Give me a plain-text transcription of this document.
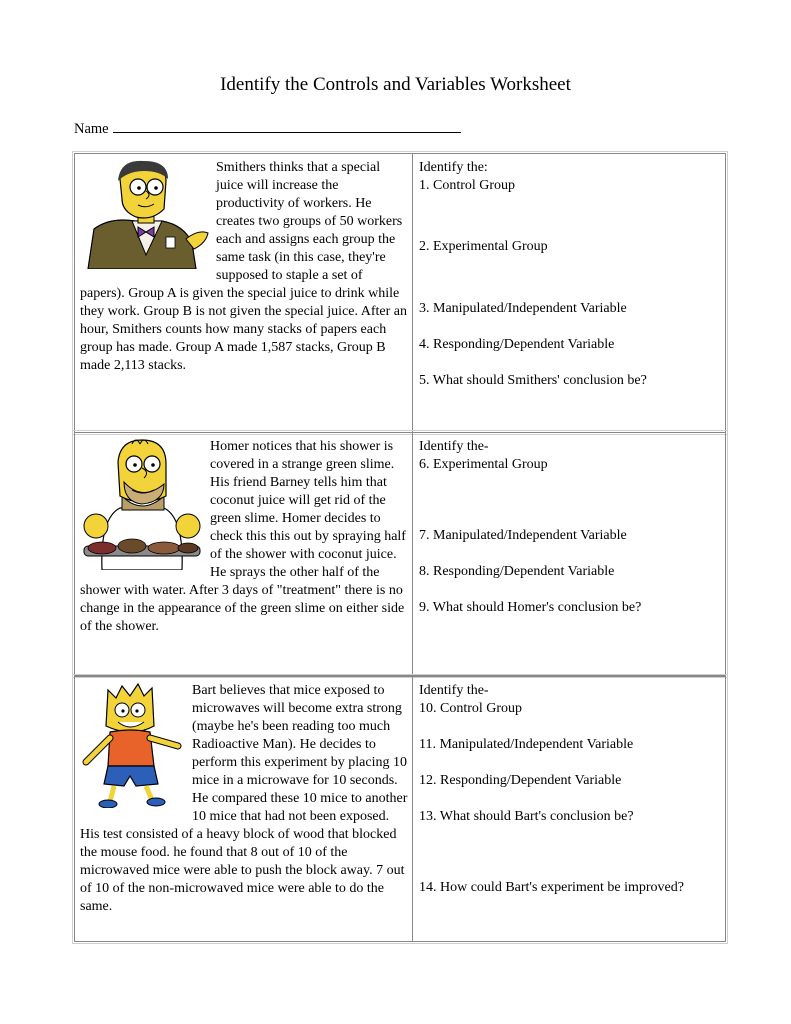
Identify the Controls and Variables Worksheet
Name

Smithers thinks that a special juice will increase the productivity of workers. He creates two groups of 50 workers each and assigns each group the same task (in this case, they're supposed to staple a set of papers). Group A is given the special juice to drink while they work. Group B is not given the special juice. After an hour, Smithers counts how many stacks of papers each group has made. Group A made 1,587 stacks, Group B made 2,113 stacks.

Identify the:
1. Control Group
2. Experimental Group
3. Manipulated/Independent Variable
4. Responding/Dependent Variable
5. What should Smithers' conclusion be?

Homer notices that his shower is covered in a strange green slime. His friend Barney tells him that coconut juice will get rid of the green slime. Homer decides to check this this out by spraying half of the shower with coconut juice. He sprays the other half of the shower with water. After 3 days of "treatment" there is no change in the appearance of the green slime on either side of the shower.

Identify the-
6. Experimental Group
7. Manipulated/Independent Variable
8. Responding/Dependent Variable
9. What should Homer's conclusion be?

Bart believes that mice exposed to microwaves will become extra strong (maybe he's been reading too much Radioactive Man). He decides to perform this experiment by placing 10 mice in a microwave for 10 seconds. He compared these 10 mice to another 10 mice that had not been exposed. His test consisted of a heavy block of wood that blocked the mouse food. he found that 8 out of 10 of the microwaved mice were able to push the block away. 7 out of 10 of the non-microwaved mice were able to do the same.

Identify the-
10. Control Group
11. Manipulated/Independent Variable
12. Responding/Dependent Variable
13. What should Bart's conclusion be?
14. How could Bart's experiment be improved?
